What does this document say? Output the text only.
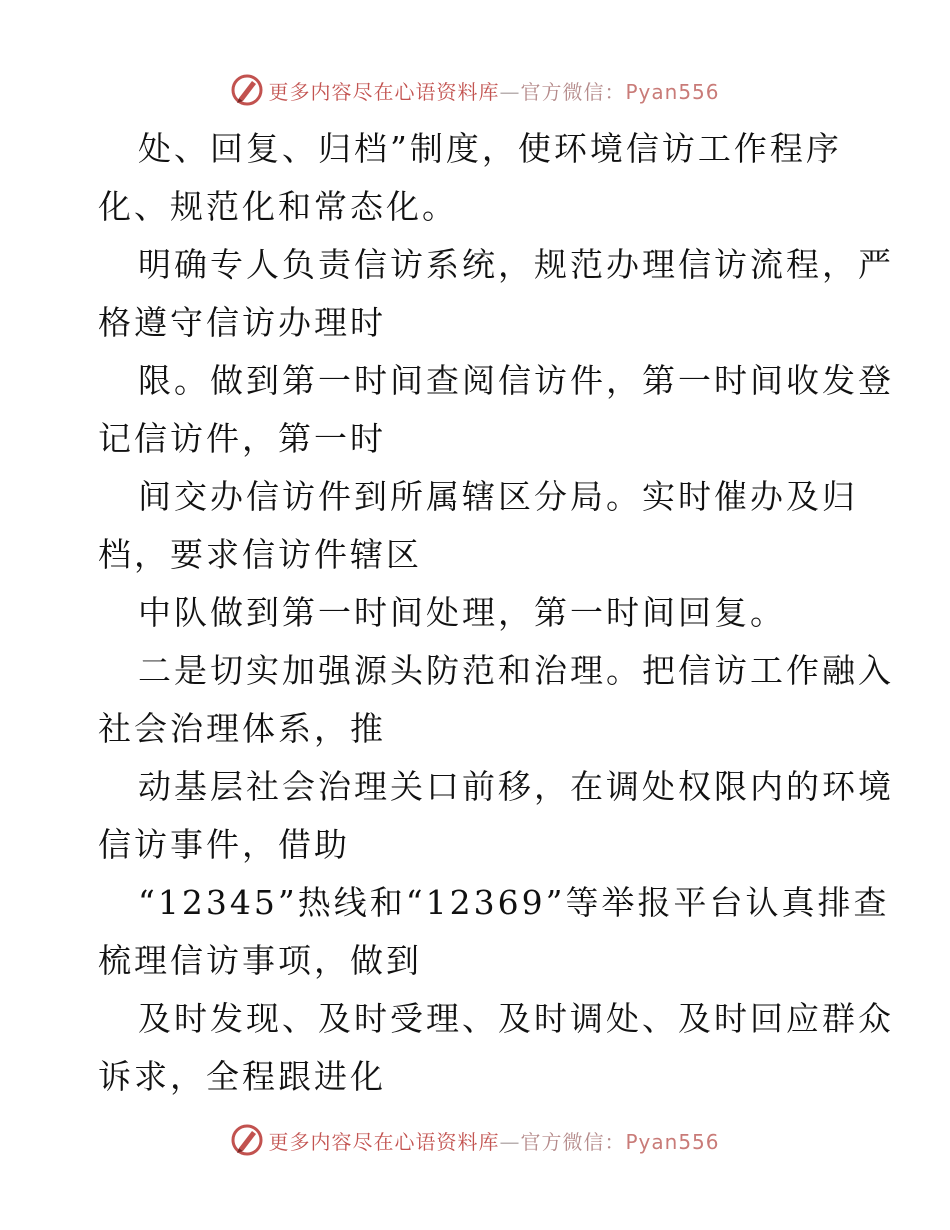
更多内容尽在心语资料库—官方微信：Pyan556
处、回复、归档”制度，使环境信访工作程序
化、规范化和常态化。
明确专人负责信访系统，规范办理信访流程，严
格遵守信访办理时
限。做到第一时间查阅信访件，第一时间收发登
记信访件，第一时
间交办信访件到所属辖区分局。实时催办及归
档，要求信访件辖区
中队做到第一时间处理，第一时间回复。
二是切实加强源头防范和治理。把信访工作融入
社会治理体系，推
动基层社会治理关口前移，在调处权限内的环境
信访事件，借助
“12345”热线和“12369”等举报平台认真排查
梳理信访事项，做到
及时发现、及时受理、及时调处、及时回应群众
诉求，全程跟进化
更多内容尽在心语资料库—官方微信：Pyan556
